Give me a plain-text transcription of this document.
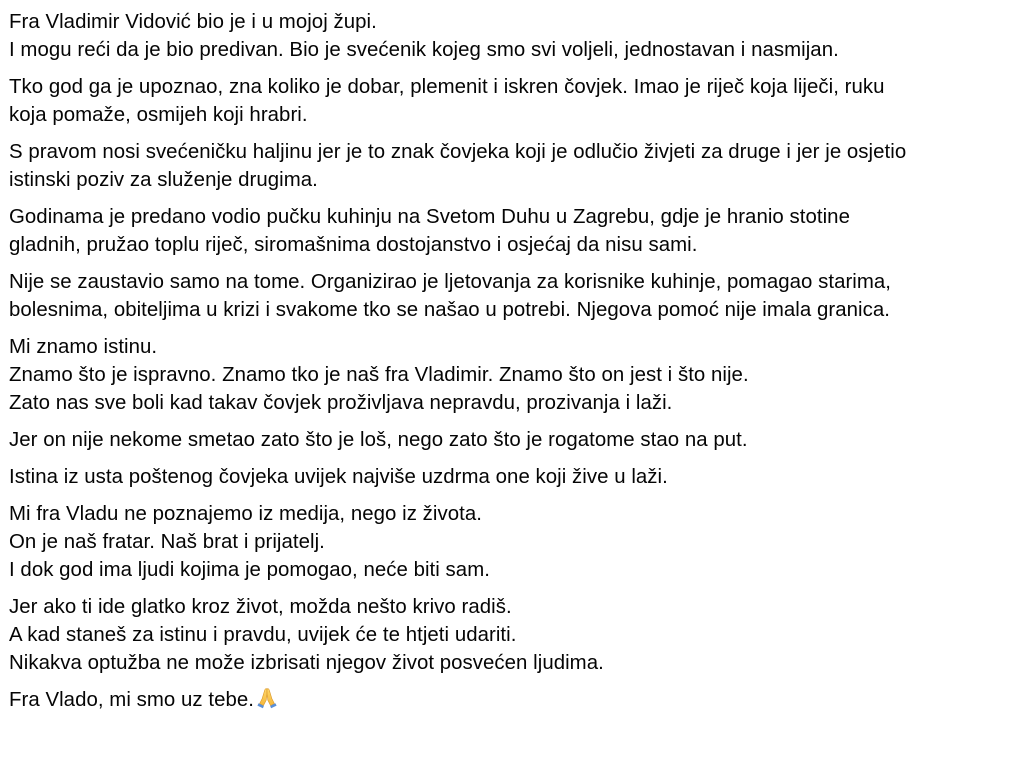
Fra Vladimir Vidović bio je i u mojoj župi.
I mogu reći da je bio predivan. Bio je svećenik kojeg smo svi voljeli, jednostavan i nasmijan.

Tko god ga je upoznao, zna koliko je dobar, plemenit i iskren čovjek. Imao je riječ koja liječi, ruku
koja pomaže, osmijeh koji hrabri.

S pravom nosi svećeničku haljinu jer je to znak čovjeka koji je odlučio živjeti za druge i jer je osjetio
istinski poziv za služenje drugima.

Godinama je predano vodio pučku kuhinju na Svetom Duhu u Zagrebu, gdje je hranio stotine
gladnih, pružao toplu riječ, siromašnima dostojanstvo i osjećaj da nisu sami.

Nije se zaustavio samo na tome. Organizirao je ljetovanja za korisnike kuhinje, pomagao starima,
bolesnima, obiteljima u krizi i svakome tko se našao u potrebi. Njegova pomoć nije imala granica.

Mi znamo istinu.
Znamo što je ispravno. Znamo tko je naš fra Vladimir. Znamo što on jest i što nije.
Zato nas sve boli kad takav čovjek proživljava nepravdu, prozivanja i laži.

Jer on nije nekome smetao zato što je loš, nego zato što je rogatome stao na put.

Istina iz usta poštenog čovjeka uvijek najviše uzdrma one koji žive u laži.

Mi fra Vladu ne poznajemo iz medija, nego iz života.
On je naš fratar. Naš brat i prijatelj.
I dok god ima ljudi kojima je pomogao, neće biti sam.

Jer ako ti ide glatko kroz život, možda nešto krivo radiš.
A kad staneš za istinu i pravdu, uvijek će te htjeti udariti.
Nikakva optužba ne može izbrisati njegov život posvećen ljudima.

Fra Vlado, mi smo uz tebe.
